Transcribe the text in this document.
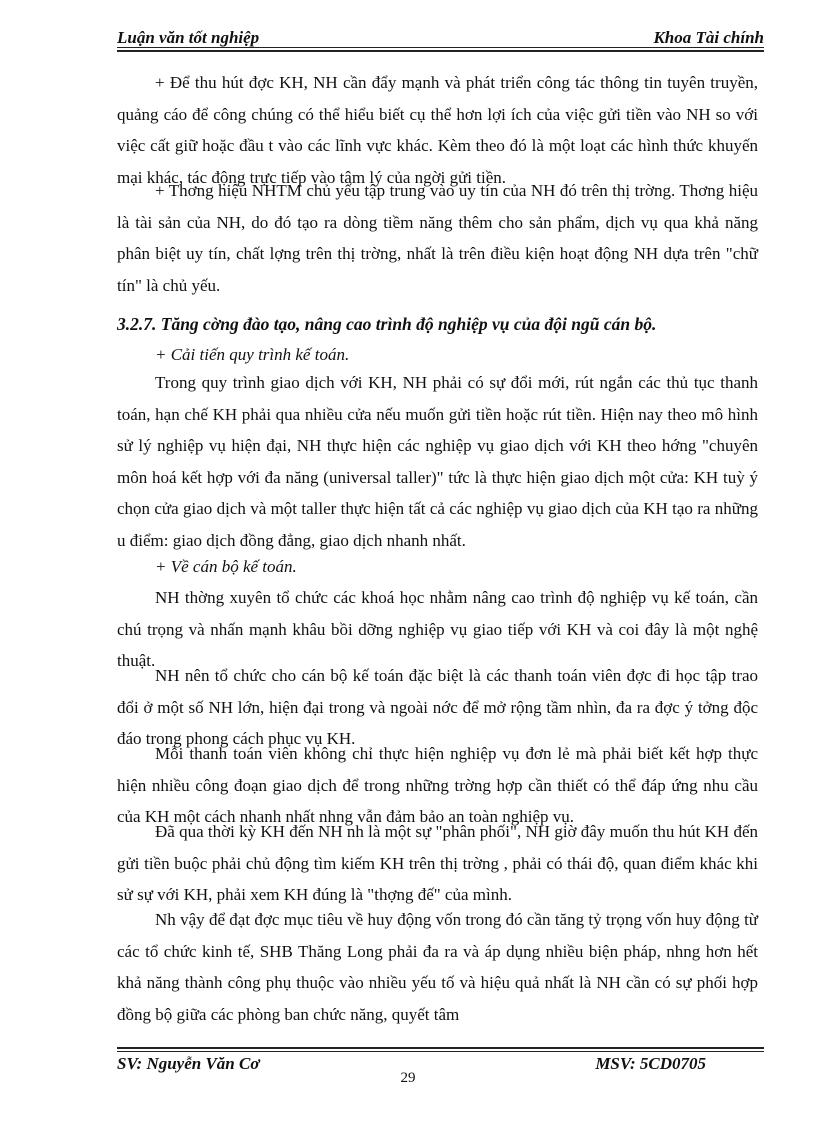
Luận văn tốt nghiệp	Khoa Tài chính

+ Để thu hút đợc KH, NH cần đẩy mạnh và phát triển công tác thông tin tuyên truyền, quảng cáo để công chúng có thể hiểu biết cụ thể hơn lợi ích của việc gửi tiền vào NH so với việc cất giữ hoặc đầu t vào các lĩnh vực khác. Kèm theo đó là một loạt các hình thức khuyến mại khác, tác động trực tiếp vào tâm lý của ngời gửi tiền.

+ Thơng hiệu NHTM chủ yếu tập trung vào uy tín của NH đó trên thị trờng. Thơng hiệu là tài sản của NH, do đó tạo ra dòng tiềm năng thêm cho sản phẩm, dịch vụ qua khả năng phân biệt uy tín, chất lợng trên thị trờng, nhất là trên điều kiện hoạt động NH dựa trên "chữ tín" là chủ yếu.

3.2.7. Tăng cờng đào tạo, nâng cao trình độ nghiệp vụ của đội ngũ cán bộ.

+ Cải tiến quy trình kế toán.

Trong quy trình giao dịch với KH, NH phải có sự đổi mới, rút ngắn các thủ tục thanh toán, hạn chế KH phải qua nhiều cửa nếu muốn gửi tiền hoặc rút tiền. Hiện nay theo mô hình sử lý nghiệp vụ hiện đại, NH thực hiện các nghiệp vụ giao dịch với KH theo hớng "chuyên môn hoá kết hợp với đa năng (universal taller)" tức là thực hiện giao dịch một cửa: KH tuỳ ý chọn cửa giao dịch và một taller thực hiện tất cả các nghiệp vụ giao dịch của KH tạo ra những u điểm: giao dịch đồng đẳng, giao dịch nhanh nhất.

+ Về cán bộ kế toán.

NH thờng xuyên tổ chức các khoá học nhằm nâng cao trình độ nghiệp vụ kế toán, cần chú trọng và nhấn mạnh khâu bồi dỡng nghiệp vụ giao tiếp với KH và coi đây là một nghệ thuật.

NH nên tổ chức cho cán bộ kế toán đặc biệt là các thanh toán viên đợc đi học tập trao đổi ở một số NH lớn, hiện đại trong và ngoài nớc để mở rộng tầm nhìn, đa ra đợc ý tởng độc đáo trong phong cách phục vụ KH.

Mỗi thanh toán viên không chỉ thực hiện nghiệp vụ đơn lẻ mà phải biết kết hợp thực hiện nhiều công đoạn giao dịch để trong những trờng hợp cần thiết có thể đáp ứng nhu cầu của KH một cách nhanh nhất nhng vẫn đảm bảo an toàn nghiệp vụ.

Đã qua thời kỳ KH đến NH nh là một sự "phân phối", NH giờ đây muốn thu hút KH đến gửi tiền buộc phải chủ động tìm kiếm KH trên thị trờng , phải có thái độ, quan điểm khác khi sử sự với KH, phải xem KH đúng là "thợng đế" của mình.

Nh vậy để đạt đợc mục tiêu về huy động vốn trong đó cần tăng tỷ trọng vốn huy động từ các tổ chức kinh tế, SHB Thăng Long phải đa ra và áp dụng nhiều biện pháp, nhng hơn hết khả năng thành công phụ thuộc vào nhiều yếu tố và hiệu quả nhất là NH cần có sự phối hợp đồng bộ giữa các phòng ban chức năng, quyết tâm

SV: Nguyễn Văn Cơ	MSV: 5CD0705
29
